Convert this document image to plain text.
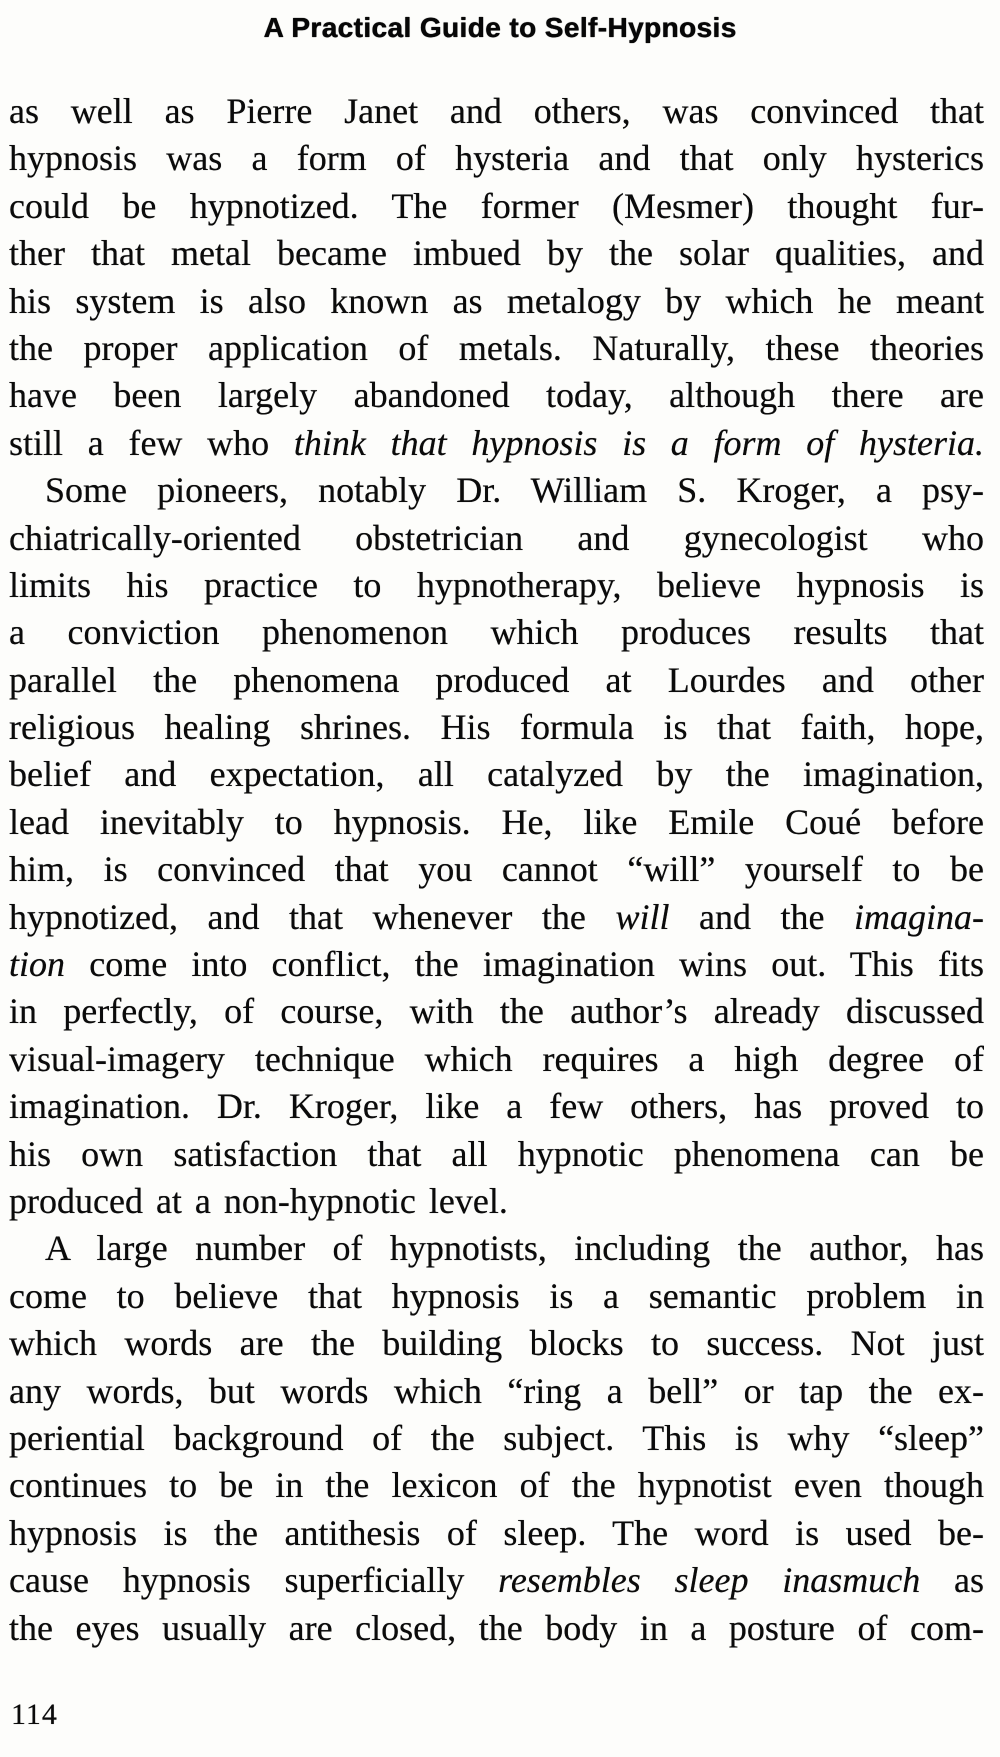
A Practical Guide to Self-Hypnosis
as well as Pierre Janet and others, was convinced that
hypnosis was a form of hysteria and that only hysterics
could be hypnotized. The former (Mesmer) thought fur-
ther that metal became imbued by the solar qualities, and
his system is also known as metalogy by which he meant
the proper application of metals. Naturally, these theories
have been largely abandoned today, although there are
still a few who think that hypnosis is a form of hysteria.
Some pioneers, notably Dr. William S. Kroger, a psy-
chiatrically-oriented obstetrician and gynecologist who
limits his practice to hypnotherapy, believe hypnosis is
a conviction phenomenon which produces results that
parallel the phenomena produced at Lourdes and other
religious healing shrines. His formula is that faith, hope,
belief and expectation, all catalyzed by the imagination,
lead inevitably to hypnosis. He, like Emile Coué before
him, is convinced that you cannot “will” yourself to be
hypnotized, and that whenever the will and the imagina-
tion come into conflict, the imagination wins out. This fits
in perfectly, of course, with the author’s already discussed
visual-imagery technique which requires a high degree of
imagination. Dr. Kroger, like a few others, has proved to
his own satisfaction that all hypnotic phenomena can be
produced at a non-hypnotic level.
A large number of hypnotists, including the author, has
come to believe that hypnosis is a semantic problem in
which words are the building blocks to success. Not just
any words, but words which “ring a bell” or tap the ex-
periential background of the subject. This is why “sleep”
continues to be in the lexicon of the hypnotist even though
hypnosis is the antithesis of sleep. The word is used be-
cause hypnosis superficially resembles sleep inasmuch as
the eyes usually are closed, the body in a posture of com-
114
